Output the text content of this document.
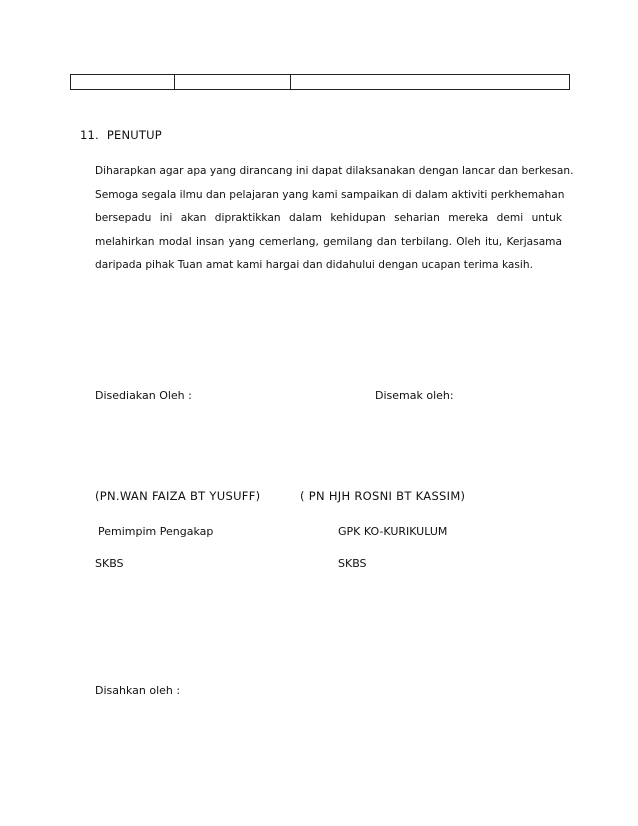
11. PENUTUP
Diharapkan agar apa yang dirancang ini dapat dilaksanakan dengan lancar dan berkesan.
Semoga segala ilmu dan pelajaran yang kami sampaikan di dalam aktiviti perkhemahan
bersepadu ini akan dipraktikkan dalam kehidupan seharian mereka demi untuk
melahirkan modal insan yang cemerlang, gemilang dan terbilang. Oleh itu, Kerjasama
daripada pihak Tuan amat kami hargai dan didahului dengan ucapan terima kasih.
Disediakan Oleh :	Disemak oleh:
(PN.WAN FAIZA BT YUSUFF)	( PN HJH ROSNI BT KASSIM)
Pemimpim Pengakap	GPK KO-KURIKULUM
SKBS	SKBS
Disahkan oleh :
